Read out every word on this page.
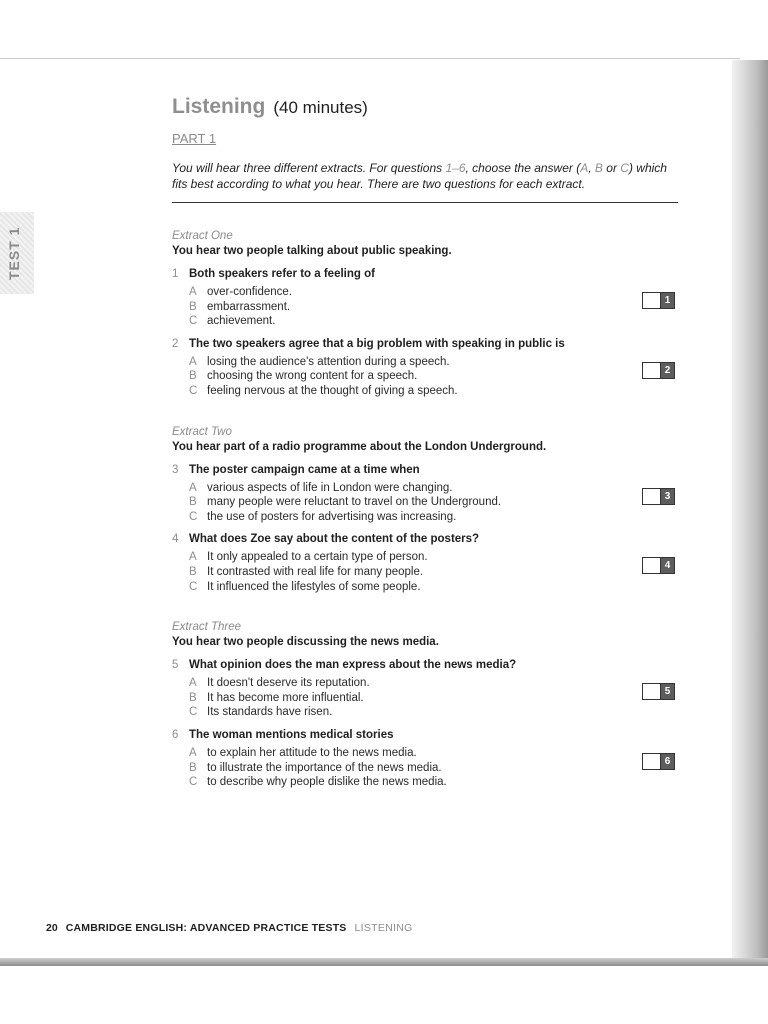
TEST 1
Listening (40 minutes)
PART 1
You will hear three different extracts. For questions 1–6, choose the answer (A, B or C) which fits best according to what you hear. There are two questions for each extract.
Extract One
You hear two people talking about public speaking.
1 Both speakers refer to a feeling of
A over-confidence.
B embarrassment.
C achievement.
1
2 The two speakers agree that a big problem with speaking in public is
A losing the audience's attention during a speech.
B choosing the wrong content for a speech.
C feeling nervous at the thought of giving a speech.
2
Extract Two
You hear part of a radio programme about the London Underground.
3 The poster campaign came at a time when
A various aspects of life in London were changing.
B many people were reluctant to travel on the Underground.
C the use of posters for advertising was increasing.
3
4 What does Zoe say about the content of the posters?
A It only appealed to a certain type of person.
B It contrasted with real life for many people.
C It influenced the lifestyles of some people.
4
Extract Three
You hear two people discussing the news media.
5 What opinion does the man express about the news media?
A It doesn't deserve its reputation.
B It has become more influential.
C Its standards have risen.
5
6 The woman mentions medical stories
A to explain her attitude to the news media.
B to illustrate the importance of the news media.
C to describe why people dislike the news media.
6
20 CAMBRIDGE ENGLISH: ADVANCED PRACTICE TESTS LISTENING
